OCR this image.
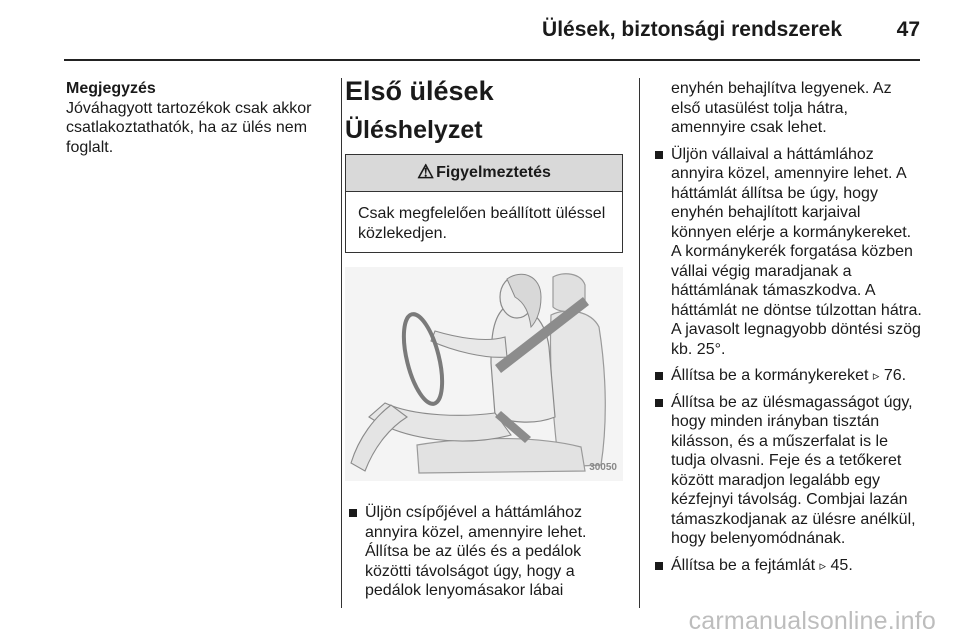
Ülések, biztonsági rendszerek	47
Megjegyzés
Jóváhagyott tartozékok csak akkor csatlakoztathatók, ha az ülés nem foglalt.
Első ülések
Üléshelyzet
⚠ Figyelmeztetés
Csak megfelelően beállított üléssel közlekedjen.
30050
Üljön csípőjével a háttámlához annyira közel, amennyire lehet. Állítsa be az ülés és a pedálok közötti távolságot úgy, hogy a pedálok lenyomásakor lábai
enyhén behajlítva legyenek. Az első utasülést tolja hátra, amennyire csak lehet.
Üljön vállaival a háttámlához annyira közel, amennyire lehet. A háttámlát állítsa be úgy, hogy enyhén behajlított karjaival könnyen elérje a kormánykereket. A kormánykerék forgatása közben vállai végig maradjanak a háttámlának támaszkodva. A háttámlát ne döntse túlzottan hátra. A javasolt legnagyobb döntési szög kb. 25°.
Állítsa be a kormánykereket ▹ 76.
Állítsa be az ülésmagasságot úgy, hogy minden irányban tisztán kilásson, és a műszerfalat is le tudja olvasni. Feje és a tetőkeret között maradjon legalább egy kézfejnyi távolság. Combjai lazán támaszkodjanak az ülésre anélkül, hogy belenyomódnának.
Állítsa be a fejtámlát ▹ 45.
carmanualsonline.info
